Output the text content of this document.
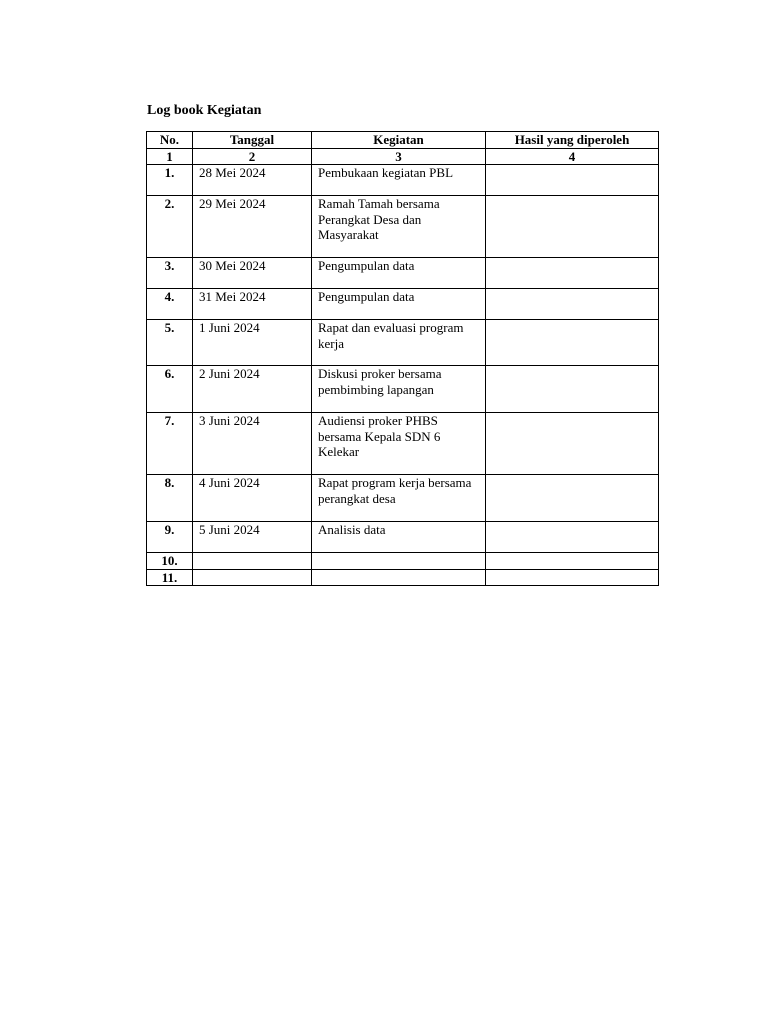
Log book Kegiatan
No.	Tanggal	Kegiatan	Hasil yang diperoleh
1	2	3	4
1.	28 Mei 2024	Pembukaan kegiatan PBL	
2.	29 Mei 2024	Ramah Tamah bersama Perangkat Desa dan Masyarakat	
3.	30 Mei 2024	Pengumpulan data	
4.	31 Mei 2024	Pengumpulan data	
5.	1 Juni 2024	Rapat dan evaluasi program kerja	
6.	2 Juni 2024	Diskusi proker bersama pembimbing lapangan	
7.	3 Juni 2024	Audiensi proker PHBS bersama Kepala SDN 6 Kelekar	
8.	4 Juni 2024	Rapat program kerja bersama perangkat desa	
9.	5 Juni 2024	Analisis data	
10.			
11.			
